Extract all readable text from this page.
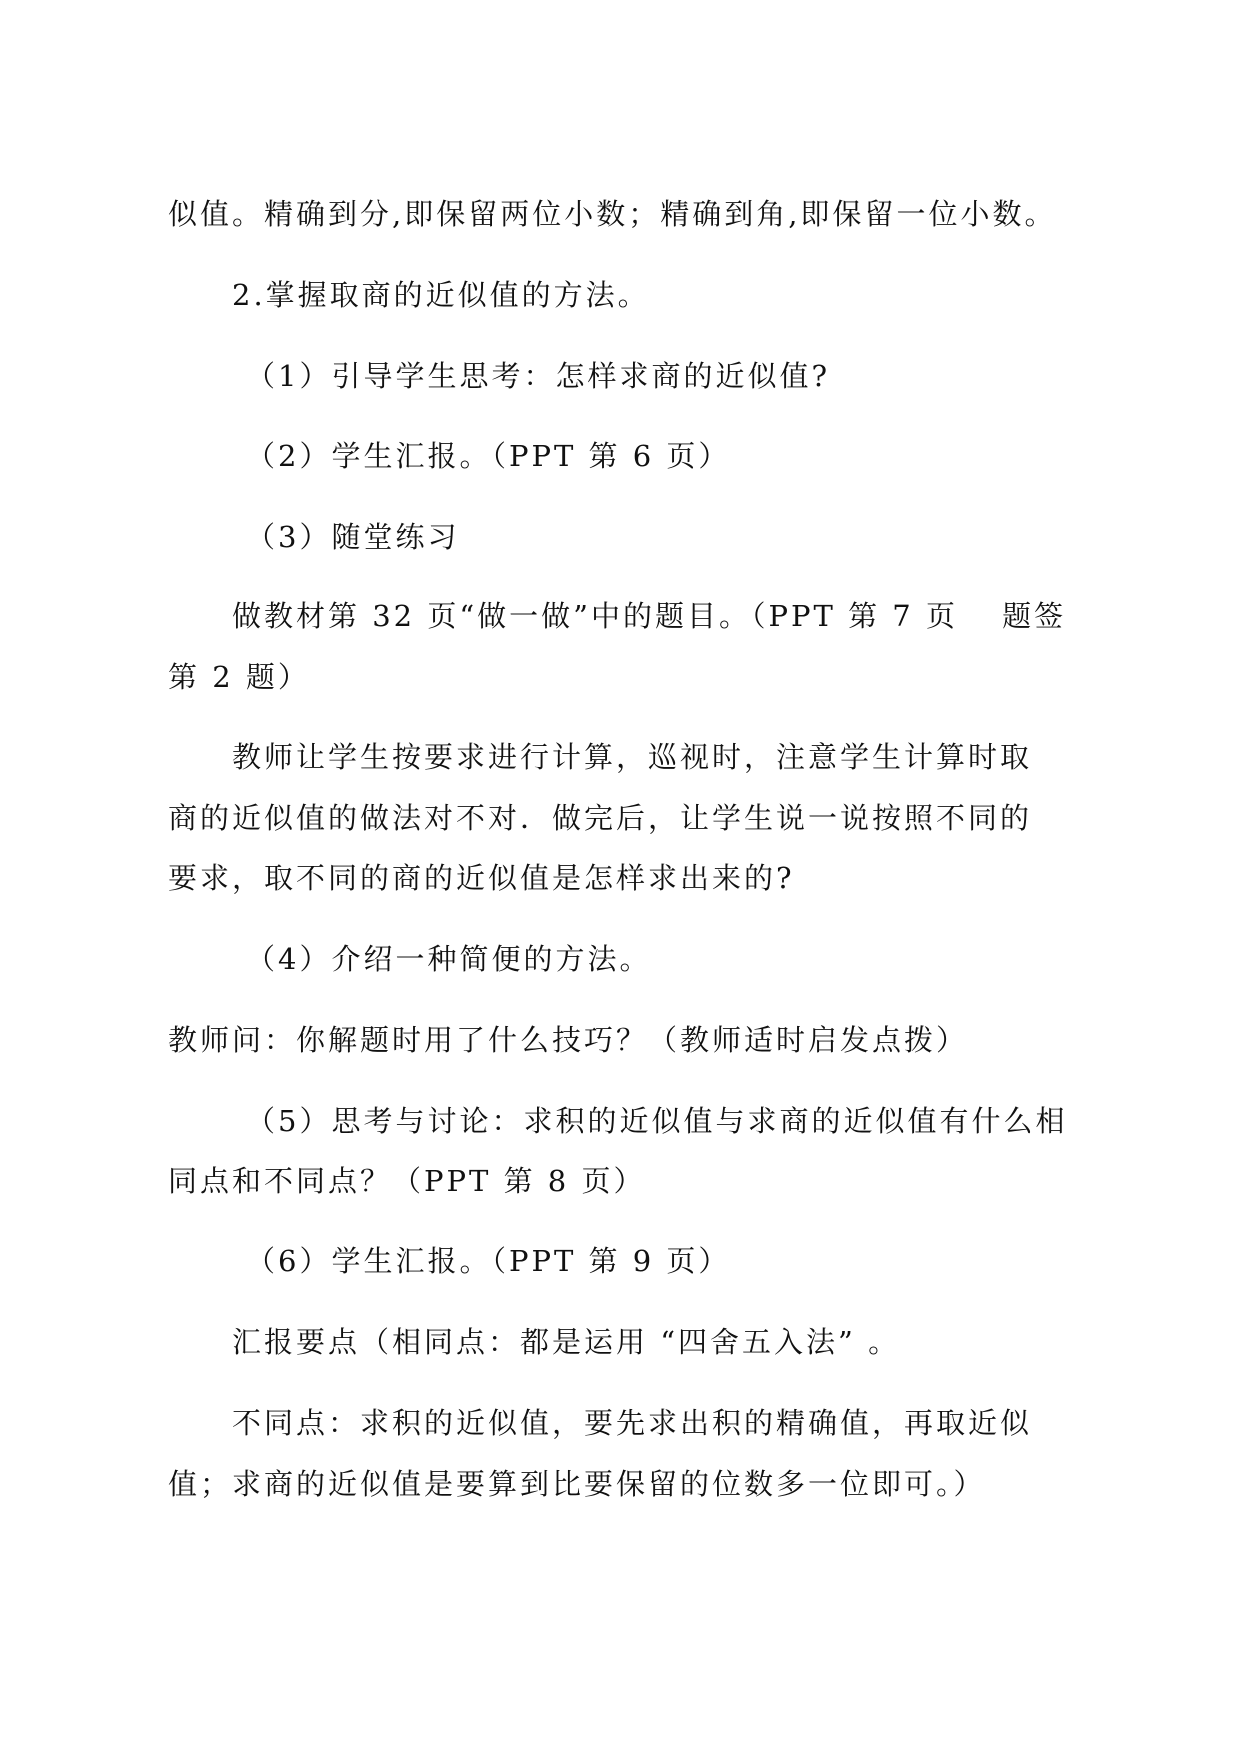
似值。精确到分,即保留两位小数；精确到角,即保留一位小数。
2.掌握取商的近似值的方法。
（1）引导学生思考：怎样求商的近似值?
（2）学生汇报。（PPT 第 6 页）
（3）随堂练习
做教材第 32 页“做一做”中的题目。（PPT 第 7 页　 题签
第 2 题）
教师让学生按要求进行计算，巡视时，注意学生计算时取
商的近似值的做法对不对．做完后，让学生说一说按照不同的
要求，取不同的商的近似值是怎样求出来的?
（4）介绍一种简便的方法。
教师问：你解题时用了什么技巧？（教师适时启发点拨）
（5）思考与讨论：求积的近似值与求商的近似值有什么相
同点和不同点？（PPT 第 8 页）
（6）学生汇报。（PPT 第 9 页）
汇报要点（相同点：都是运用 “四舍五入法” 。
不同点：求积的近似值，要先求出积的精确值，再取近似
值；求商的近似值是要算到比要保留的位数多一位即可。）
